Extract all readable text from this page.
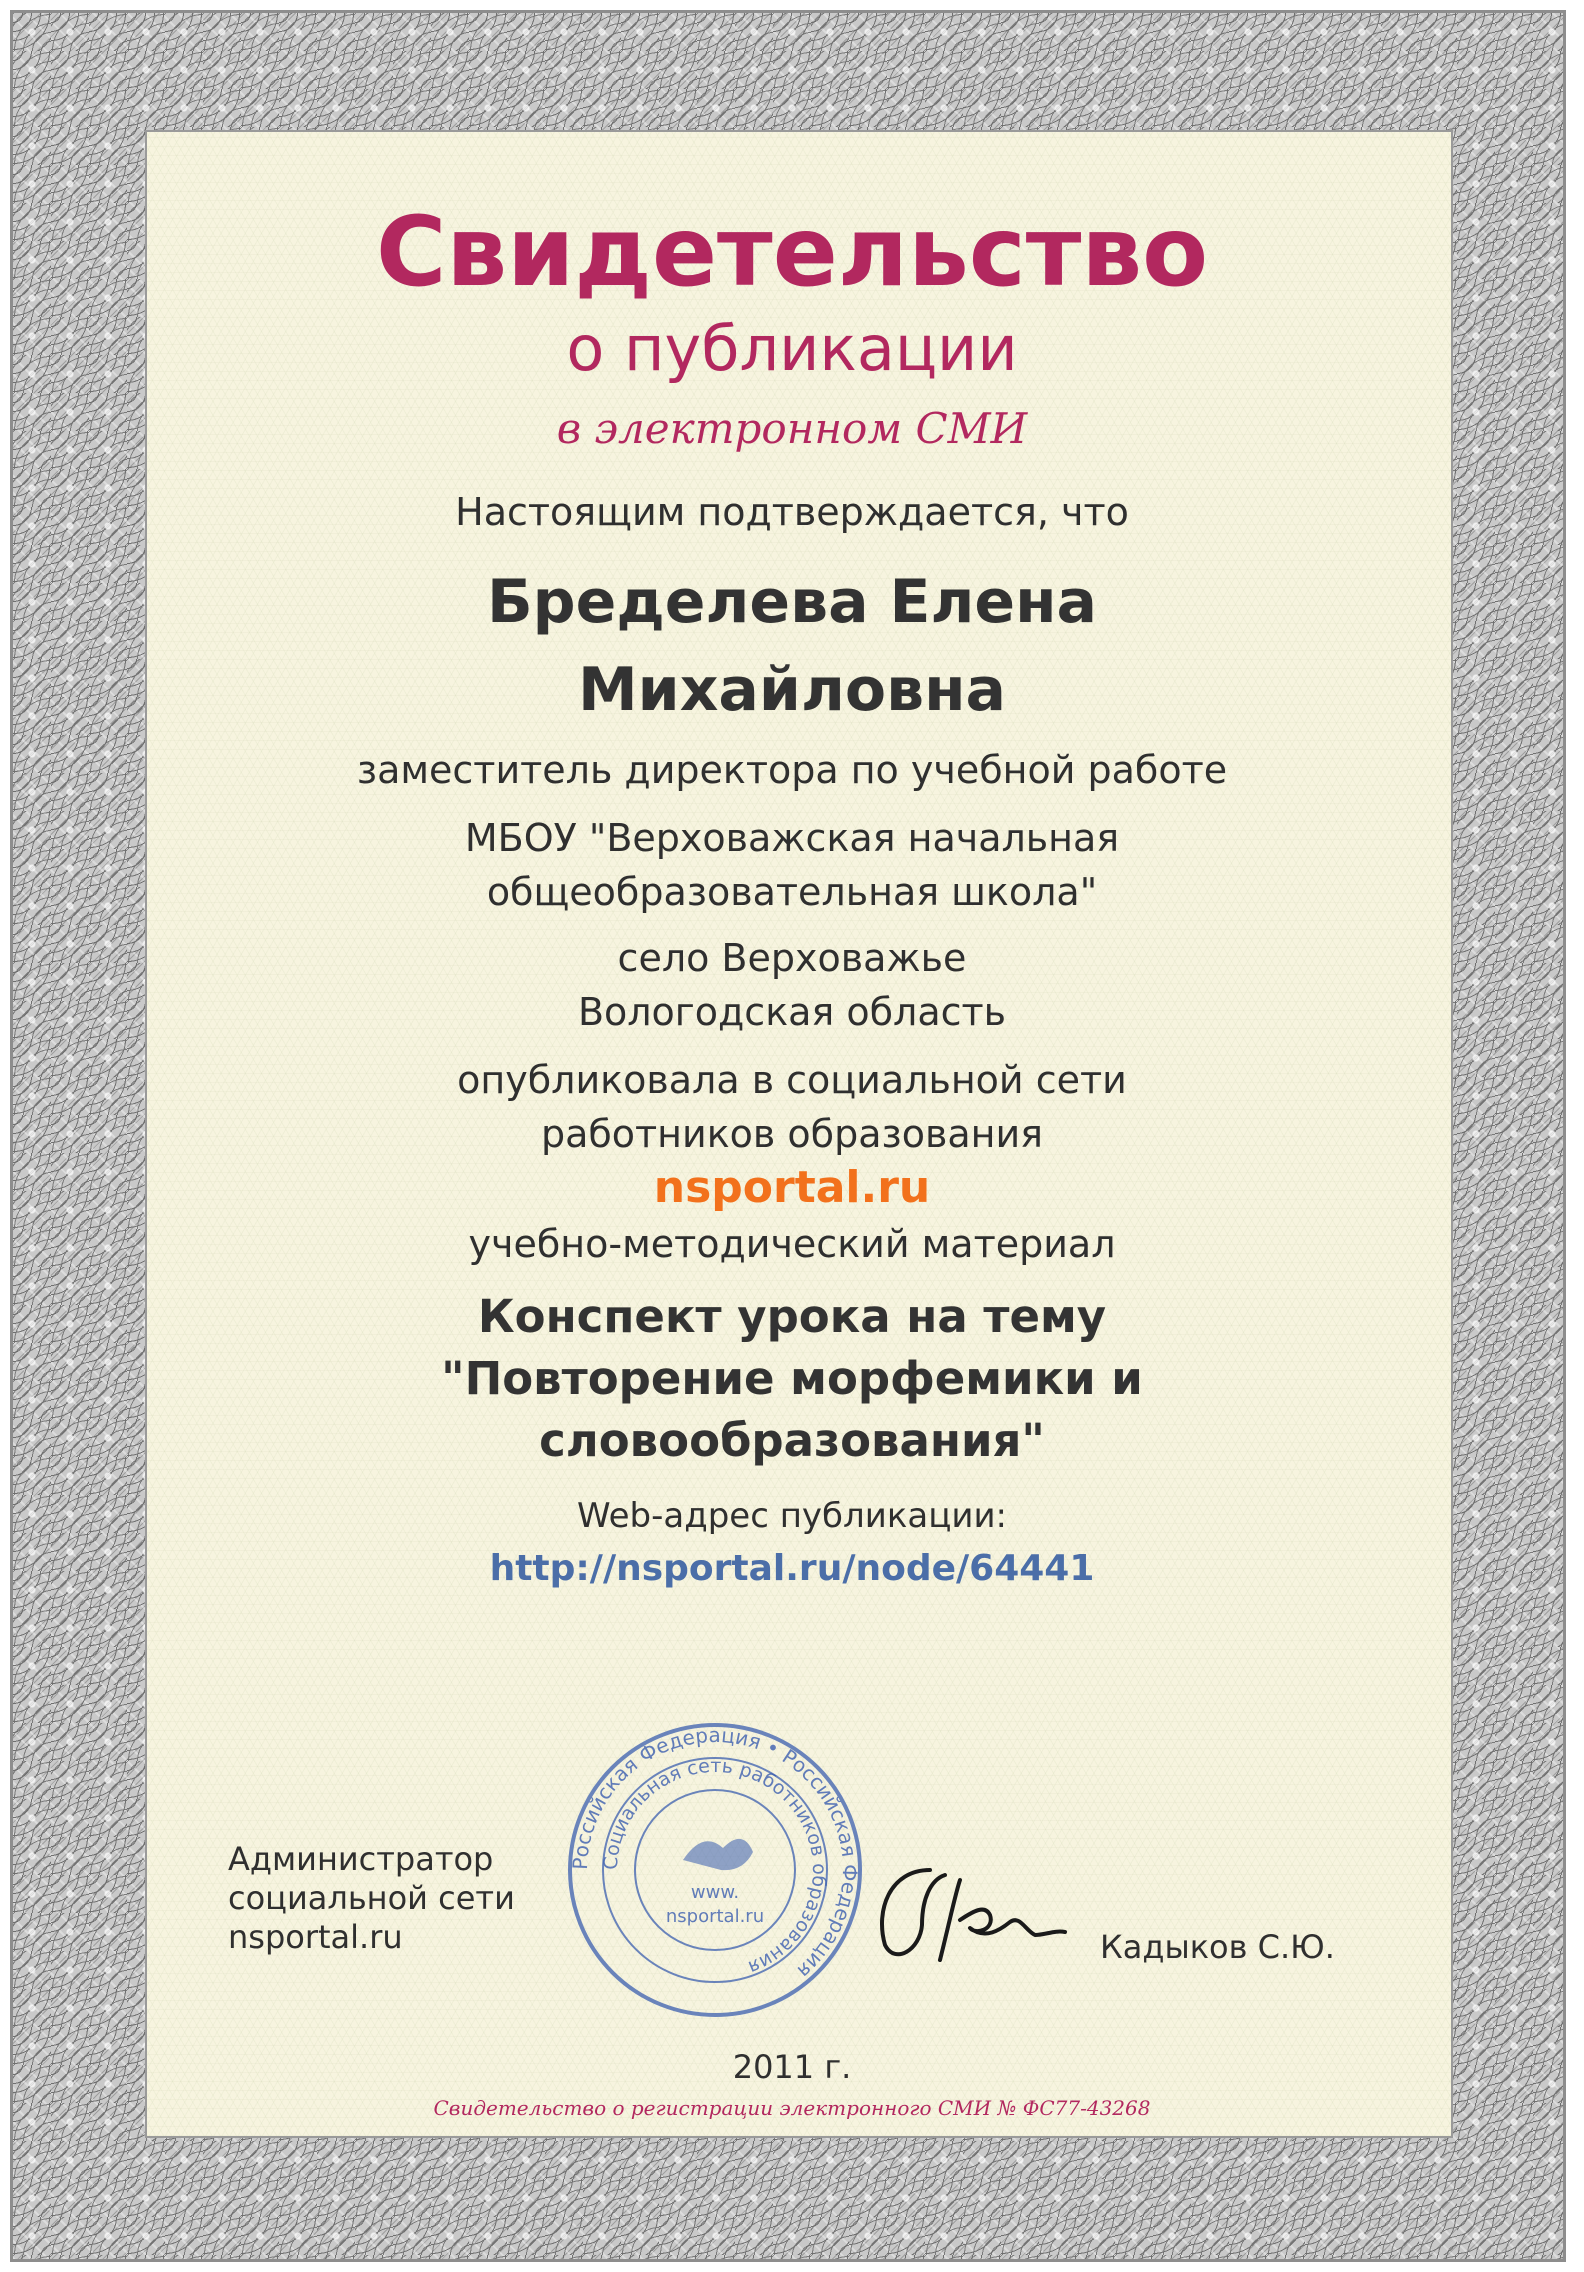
Свидетельство
о публикации
в электронном СМИ
Настоящим подтверждается, что
Бределева Елена
Михайловна
заместитель директора по учебной работе
МБОУ "Верховажская начальная
общеобразовательная школа"
село Верховажье
Вологодская область
опубликовала в социальной сети
работников образования
nsportal.ru
учебно-методический материал
Конспект урока на тему
"Повторение морфемики и
словообразования"
Web-адрес публикации:
http://nsportal.ru/node/64441
Администратор
социальной сети
nsportal.ru
Российская Федерация • Российская Федерация
Социальная сеть работников образования
www.
nsportal.ru
Кадыков С.Ю.
2011 г.
Свидетельство о регистрации электронного СМИ № ФС77-43268
